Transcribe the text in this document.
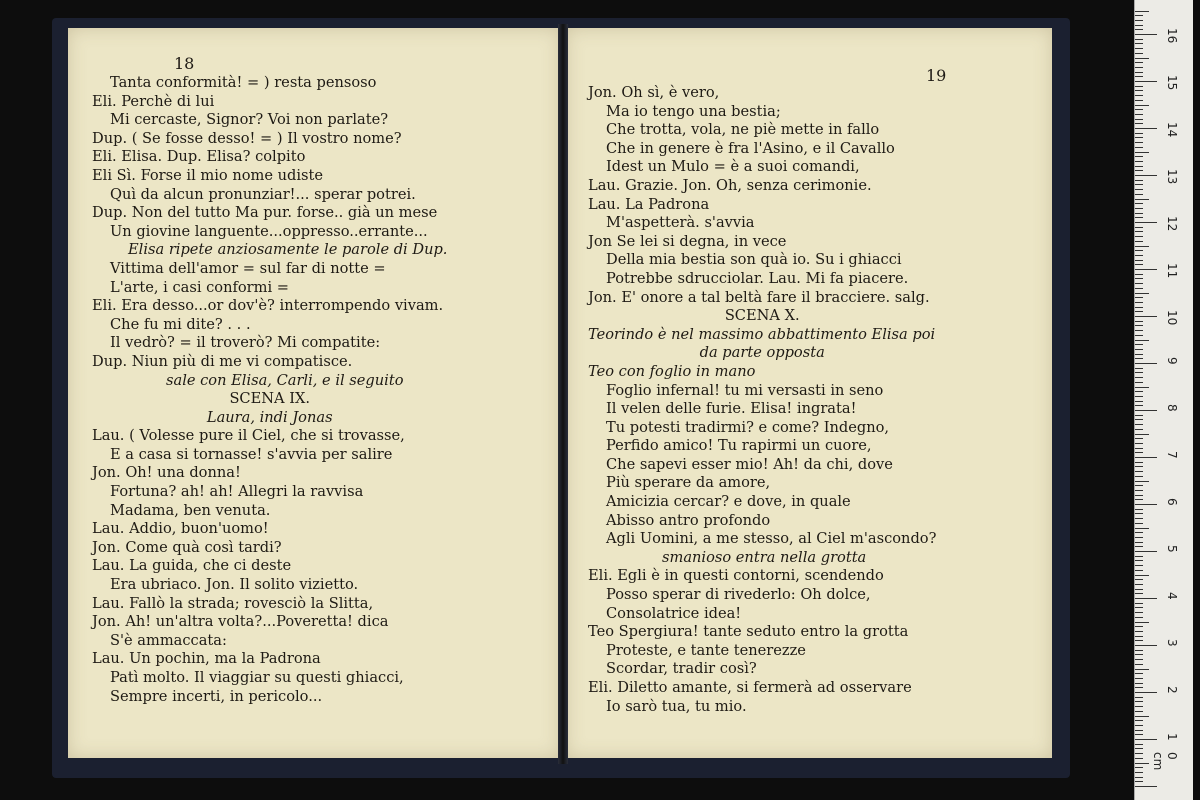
18
19
Tanta conformità! = ) resta pensoso
Eli. Perchè di lui
Mi cercaste, Signor? Voi non parlate?
Dup. ( Se fosse desso! = ) Il vostro nome?
Eli. Elisa. Dup. Elisa? colpito
Eli Sì. Forse il mio nome udiste
Quì da alcun pronunziar!... sperar potrei.
Dup. Non del tutto Ma pur. forse.. già un mese
Un giovine languente...oppresso..errante...
Elisa ripete anziosamente le parole di Dup.
Vittima dell'amor = sul far di notte =
L'arte, i casi conformi =
Eli. Era desso...or dov'è? interrompendo vivam.
Che fu mi dite? . . .
Il vedrò? = il troverò? Mi compatite:
Dup. Niun più di me vi compatisce.
sale con Elisa, Carli, e il seguito
SCENA IX.
Laura, indi Jonas
Lau. ( Volesse pure il Ciel, che si trovasse,
E a casa si tornasse! s'avvia per salire
Jon. Oh! una donna!
Fortuna? ah! ah! Allegri la ravvisa
Madama, ben venuta.
Lau. Addio, buon'uomo!
Jon. Come quà così tardi?
Lau. La guida, che ci deste
Era ubriaco. Jon. Il solito vizietto.
Lau. Fallò la strada; rovesciò la Slitta,
Jon. Ah! un'altra volta?...Poveretta! dica
S'è ammaccata:
Lau. Un pochin, ma la Padrona
Patì molto. Il viaggiar su questi ghiacci,
Sempre incerti, in pericolo...
Jon. Oh sì, è vero,
Ma io tengo una bestia;
Che trotta, vola, ne piè mette in fallo
Che in genere è fra l'Asino, e il Cavallo
Idest un Mulo = è a suoi comandi,
Lau. Grazie. Jon. Oh, senza cerimonie.
Lau. La Padrona
M'aspetterà. s'avvia
Jon Se lei si degna, in vece
Della mia bestia son quà io. Su i ghiacci
Potrebbe sdrucciolar. Lau. Mi fa piacere.
Jon. E' onore a tal beltà fare il bracciere. salg.
SCENA X.
Teorindo è nel massimo abbattimento Elisa poi
da parte opposta
Teo con foglio in mano
Foglio infernal! tu mi versasti in seno
Il velen delle furie. Elisa! ingrata!
Tu potesti tradirmi? e come? Indegno,
Perfido amico! Tu rapirmi un cuore,
Che sapevi esser mio! Ah! da chi, dove
Più sperare da amore,
Amicizia cercar? e dove, in quale
Abisso antro profondo
Agli Uomini, a me stesso, al Ciel m'ascondo?
smanioso entra nella grotta
Eli. Egli è in questi contorni, scendendo
Posso sperar di rivederlo: Oh dolce,
Consolatrice idea!
Teo Spergiura! tante seduto entro la grotta
Proteste, e tante tenerezze
Scordar, tradir così?
Eli. Diletto amante, si fermerà ad osservare
Io sarò tua, tu mio.
1
2
3
4
5
6
7
8
9
10
11
12
13
14
15
16
0 cm
